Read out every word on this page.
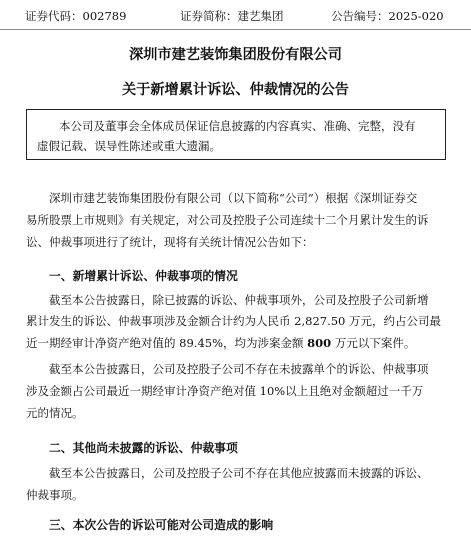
证券代码：002789	证券简称：建艺集团	公告编号：2025-020
深圳市建艺装饰集团股份有限公司
关于新增累计诉讼、仲裁情况的公告
本公司及董事会全体成员保证信息披露的内容真实、准确、完整，没有
虚假记载、误导性陈述或重大遗漏。
深圳市建艺装饰集团股份有限公司（以下简称“公司”）根据《深圳证券交
易所股票上市规则》有关规定，对公司及控股子公司连续十二个月累计发生的诉
讼、仲裁事项进行了统计，现将有关统计情况公告如下：
一、新增累计诉讼、仲裁事项的情况
截至本公告披露日，除已披露的诉讼、仲裁事项外，公司及控股子公司新增
累计发生的诉讼、仲裁事项涉及金额合计约为人民币 2,827.50 万元，约占公司最
近一期经审计净资产绝对值的 89.45%，均为涉案金额 800 万元以下案件。
截至本公告披露日，公司及控股子公司不存在未披露单个的诉讼、仲裁事项
涉及金额占公司最近一期经审计净资产绝对值 10%以上且绝对金额超过一千万
元的情况。
二、其他尚未披露的诉讼、仲裁事项
截至本公告披露日，公司及控股子公司不存在其他应披露而未披露的诉讼、
仲裁事项。
三、本次公告的诉讼可能对公司造成的影响
